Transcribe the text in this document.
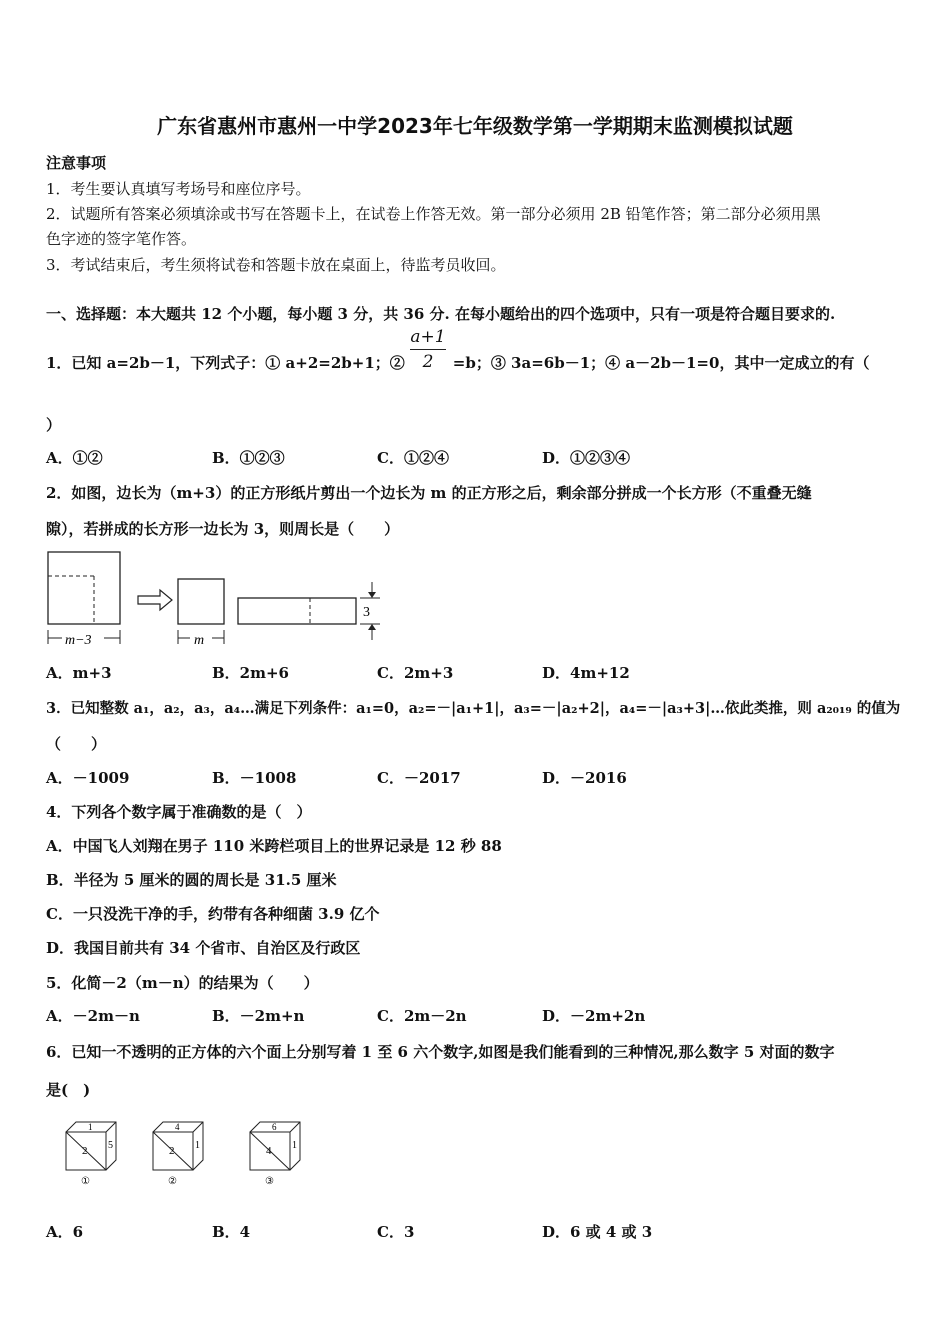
广东省惠州市惠州一中学2023年七年级数学第一学期期末监测模拟试题
注意事项
1．考生要认真填写考场号和座位序号。
2．试题所有答案必须填涂或书写在答题卡上，在试卷上作答无效。第一部分必须用 2B 铅笔作答；第二部分必须用黑
色字迹的签字笔作答。
3．考试结束后，考生须将试卷和答题卡放在桌面上，待监考员收回。
一、选择题：本大题共 12 个小题，每小题 3 分，共 36 分. 在每小题给出的四个选项中，只有一项是符合题目要求的.
1．已知 a=2b－1，下列式子：① a+2=2b+1；②	=b；③ 3a=6b－1；④ a－2b－1=0，其中一定成立的有（
a+1
2
）
A．①②	B．①②③	C．①②④	D．①②③④
2．如图，边长为（m+3）的正方形纸片剪出一个边长为 m 的正方形之后，剩余部分拼成一个长方形（不重叠无缝
隙），若拼成的长方形一边长为 3，则周长是（　　）
m−3	m
3
A．m+3	B．2m+6	C．2m+3	D．4m+12
3．已知整数 a₁，a₂，a₃，a₄…满足下列条件：a₁=0，a₂=－|a₁+1|，a₃=－|a₂+2|，a₄=－|a₃+3|…依此类推，则 a₂₀₁₉ 的值为
（　　）
A．－1009	B．－1008	C．－2017	D．－2016
4．下列各个数字属于准确数的是（　）
A．中国飞人刘翔在男子 110 米跨栏项目上的世界记录是 12 秒 88
B．半径为 5 厘米的圆的周长是 31.5 厘米
C．一只没洗干净的手，约带有各种细菌 3.9 亿个
D．我国目前共有 34 个省市、自治区及行政区
5．化简－2（m－n）的结果为（　　）
A．－2m－n	B．－2m+n	C．2m－2n	D．－2m+2n
6．已知一不透明的正方体的六个面上分别写着 1 至 6 六个数字,如图是我们能看到的三种情况,那么数字 5 对面的数字
是(　)
1
2 5
①
4
2 1
②
6
4 1
③
A．6	B．4	C．3	D．6 或 4 或 3
